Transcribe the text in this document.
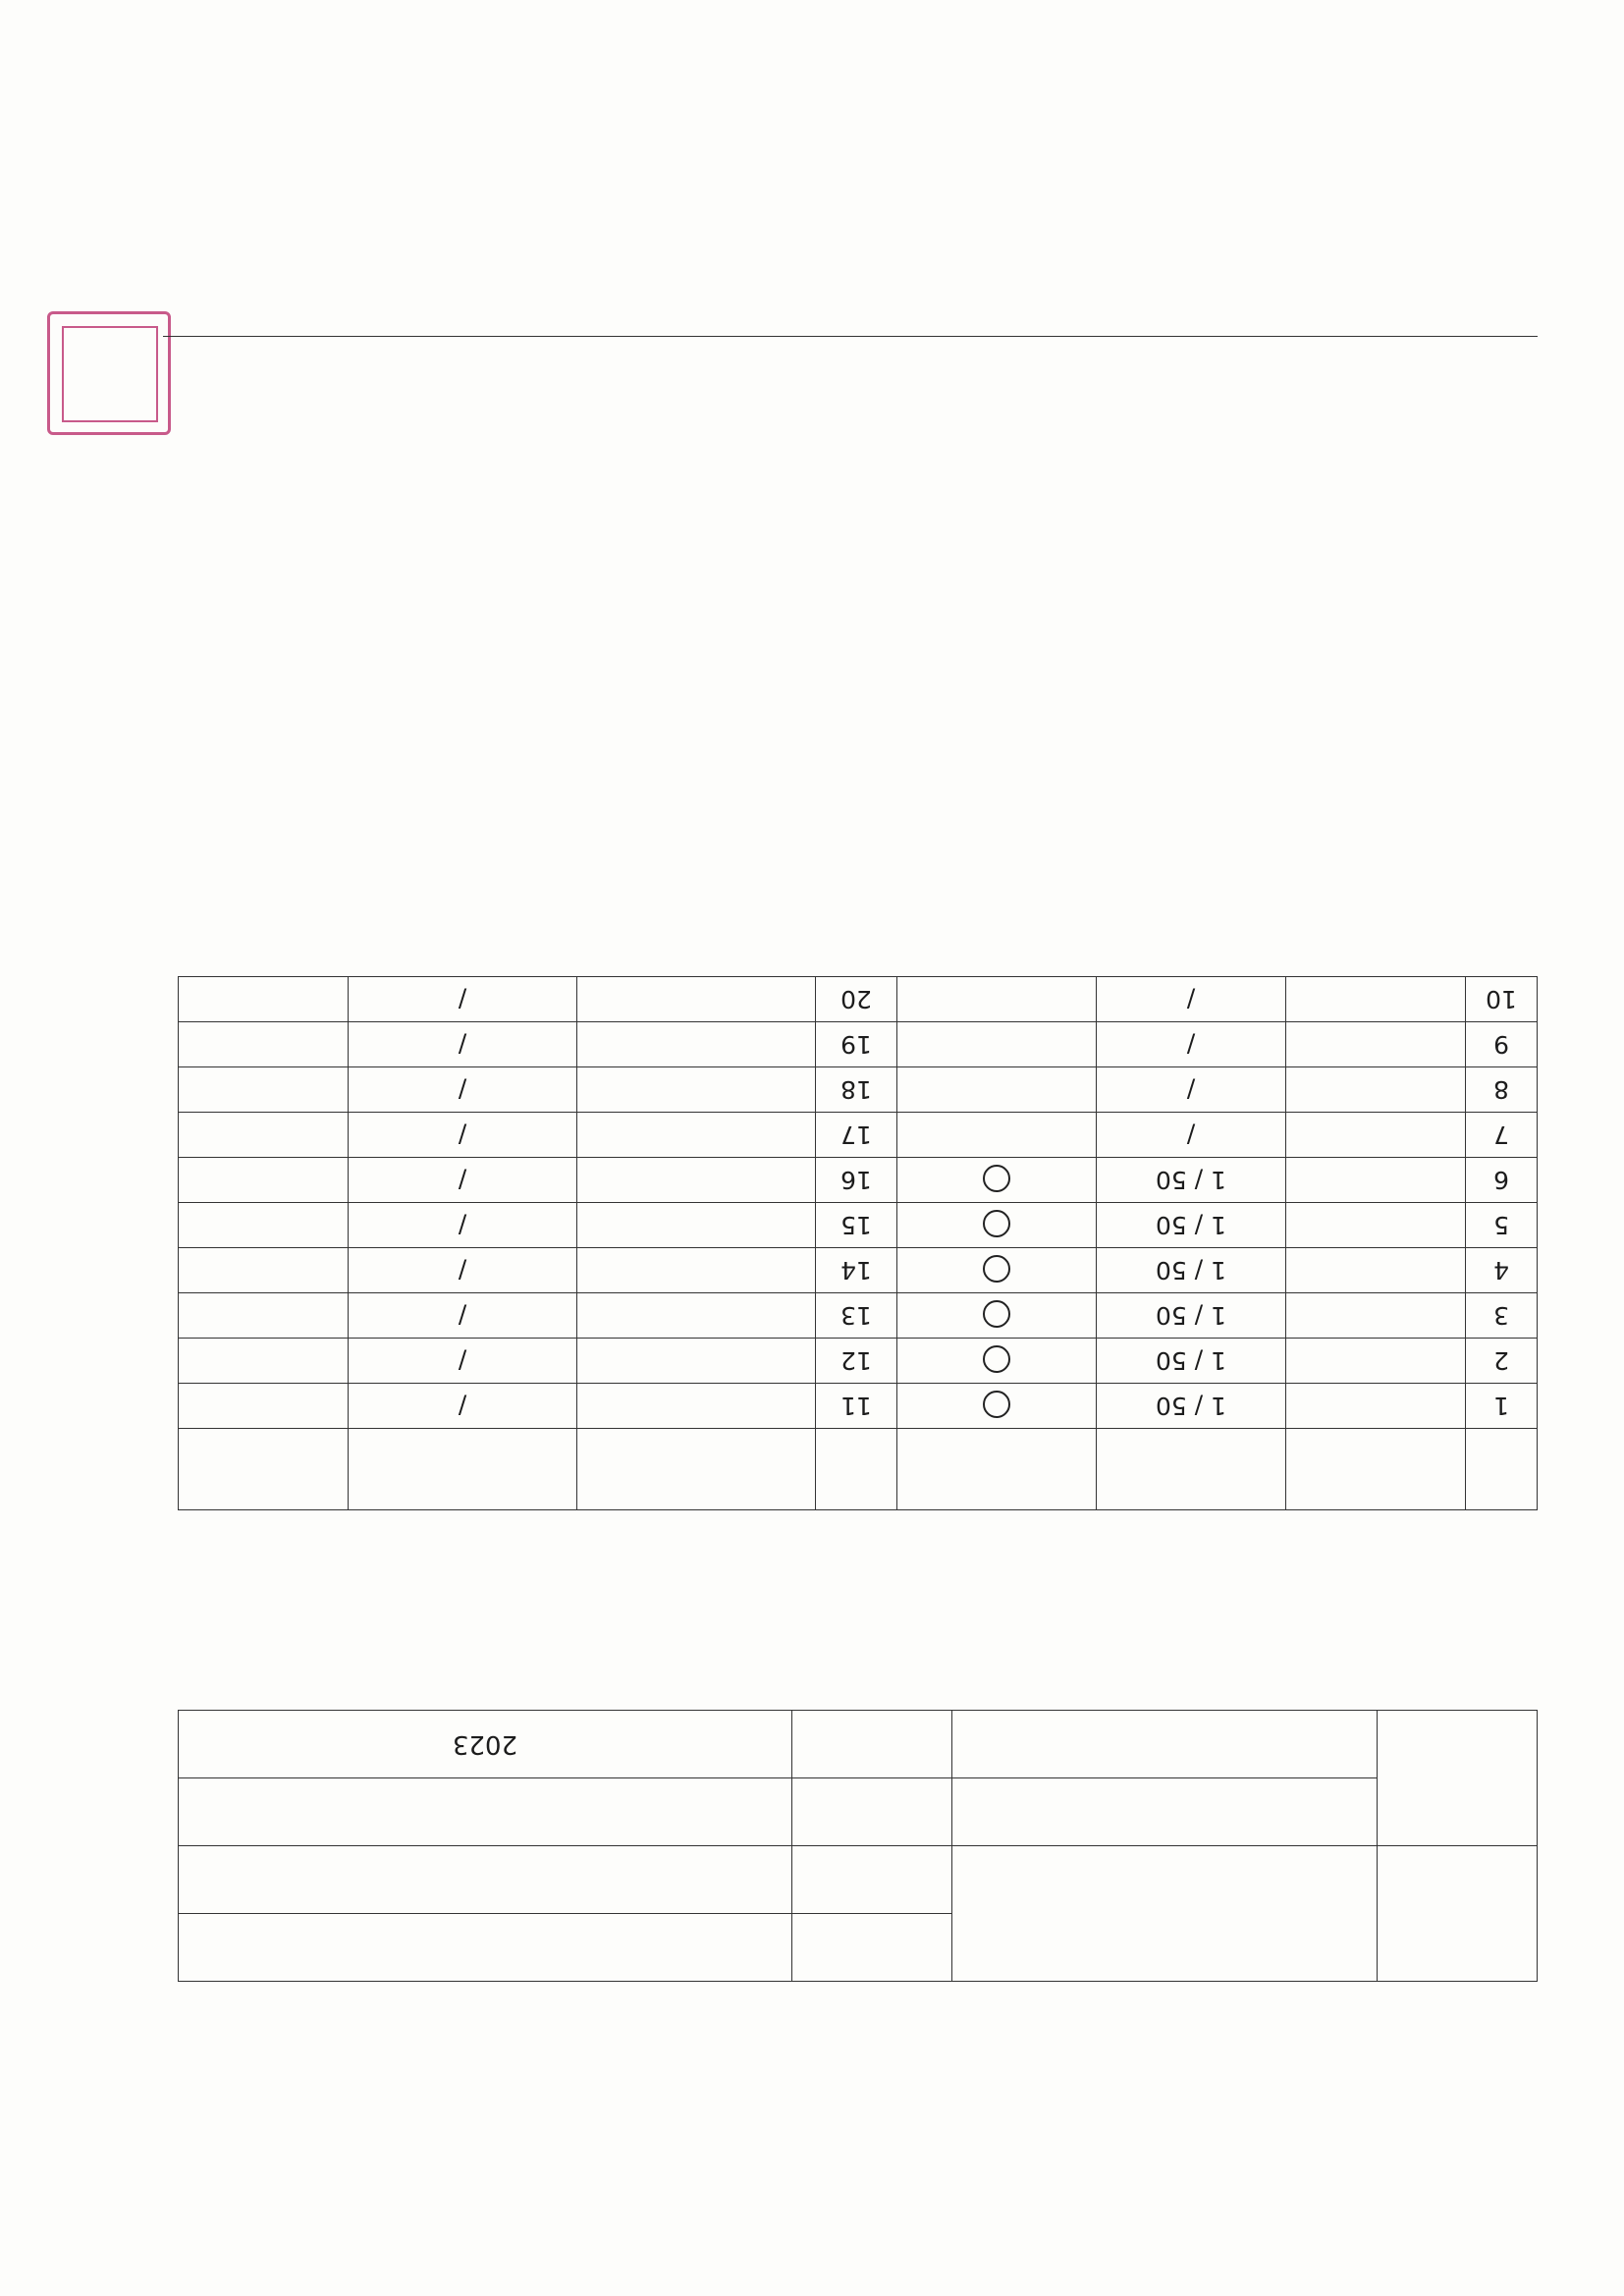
			2023

1		1 / 50		11		/	
2		1 / 50		12		/	
3		1 / 50		13		/	
4		1 / 50		14		/	
5		1 / 50		15		/	
6		1 / 50		16		/	
7		/		17		/	
8		/		18		/	
9		/		19		/	
10		/		20		/	
